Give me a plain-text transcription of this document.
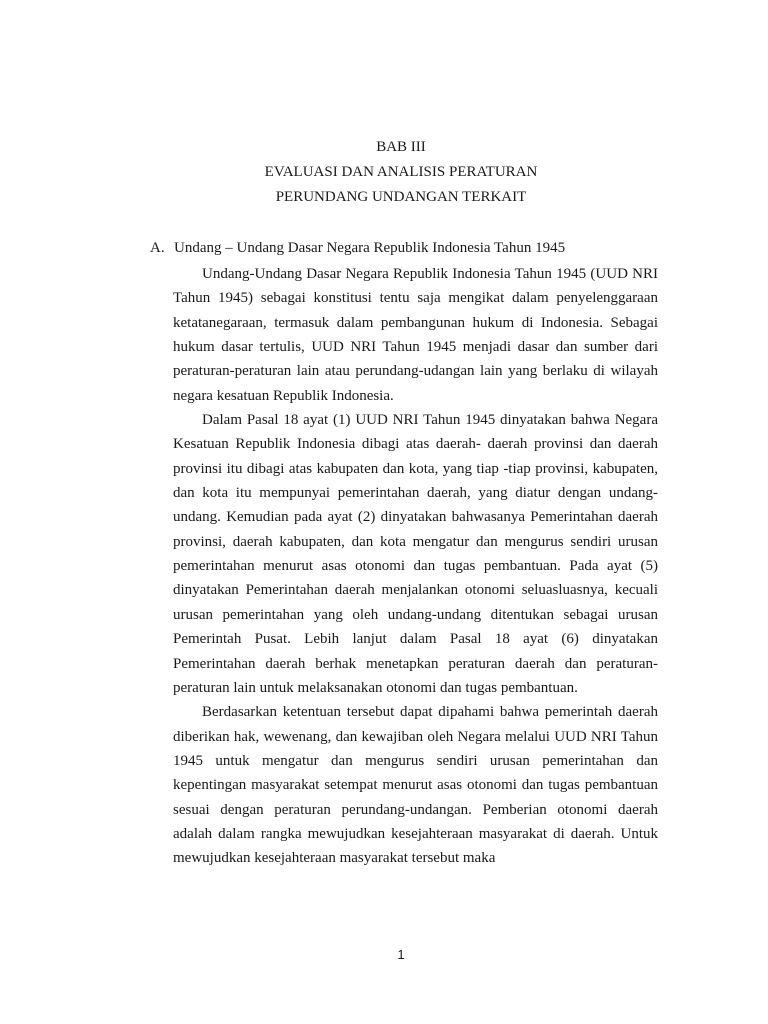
BAB III
EVALUASI DAN ANALISIS PERATURAN
PERUNDANG UNDANGAN TERKAIT
A. Undang – Undang Dasar Negara Republik Indonesia Tahun 1945

Undang-Undang Dasar Negara Republik Indonesia Tahun 1945 (UUD NRI Tahun 1945) sebagai konstitusi tentu saja mengikat dalam penyelenggaraan ketatanegaraan, termasuk dalam pembangunan hukum di Indonesia. Sebagai hukum dasar tertulis, UUD NRI Tahun 1945 menjadi dasar dan sumber dari peraturan-peraturan lain atau perundang-udangan lain yang berlaku di wilayah negara kesatuan Republik Indonesia.

Dalam Pasal 18 ayat (1) UUD NRI Tahun 1945 dinyatakan bahwa Negara Kesatuan Republik Indonesia dibagi atas daerah- daerah provinsi dan daerah provinsi itu dibagi atas kabupaten dan kota, yang tiap -tiap provinsi, kabupaten, dan kota itu mempunyai pemerintahan daerah, yang diatur dengan undang-undang. Kemudian pada ayat (2) dinyatakan bahwasanya Pemerintahan daerah provinsi, daerah kabupaten, dan kota mengatur dan mengurus sendiri urusan pemerintahan menurut asas otonomi dan tugas pembantuan. Pada ayat (5) dinyatakan Pemerintahan daerah menjalankan otonomi seluasluasnya, kecuali urusan pemerintahan yang oleh undang-undang ditentukan sebagai urusan Pemerintah Pusat. Lebih lanjut dalam Pasal 18 ayat (6) dinyatakan Pemerintahan daerah berhak menetapkan peraturan daerah dan peraturan-peraturan lain untuk melaksanakan otonomi dan tugas pembantuan.

Berdasarkan ketentuan tersebut dapat dipahami bahwa pemerintah daerah diberikan hak, wewenang, dan kewajiban oleh Negara melalui UUD NRI Tahun 1945 untuk mengatur dan mengurus sendiri urusan pemerintahan dan kepentingan masyarakat setempat menurut asas otonomi dan tugas pembantuan sesuai dengan peraturan perundang-undangan. Pemberian otonomi daerah adalah dalam rangka mewujudkan kesejahteraan masyarakat di daerah. Untuk mewujudkan kesejahteraan masyarakat tersebut maka

1
